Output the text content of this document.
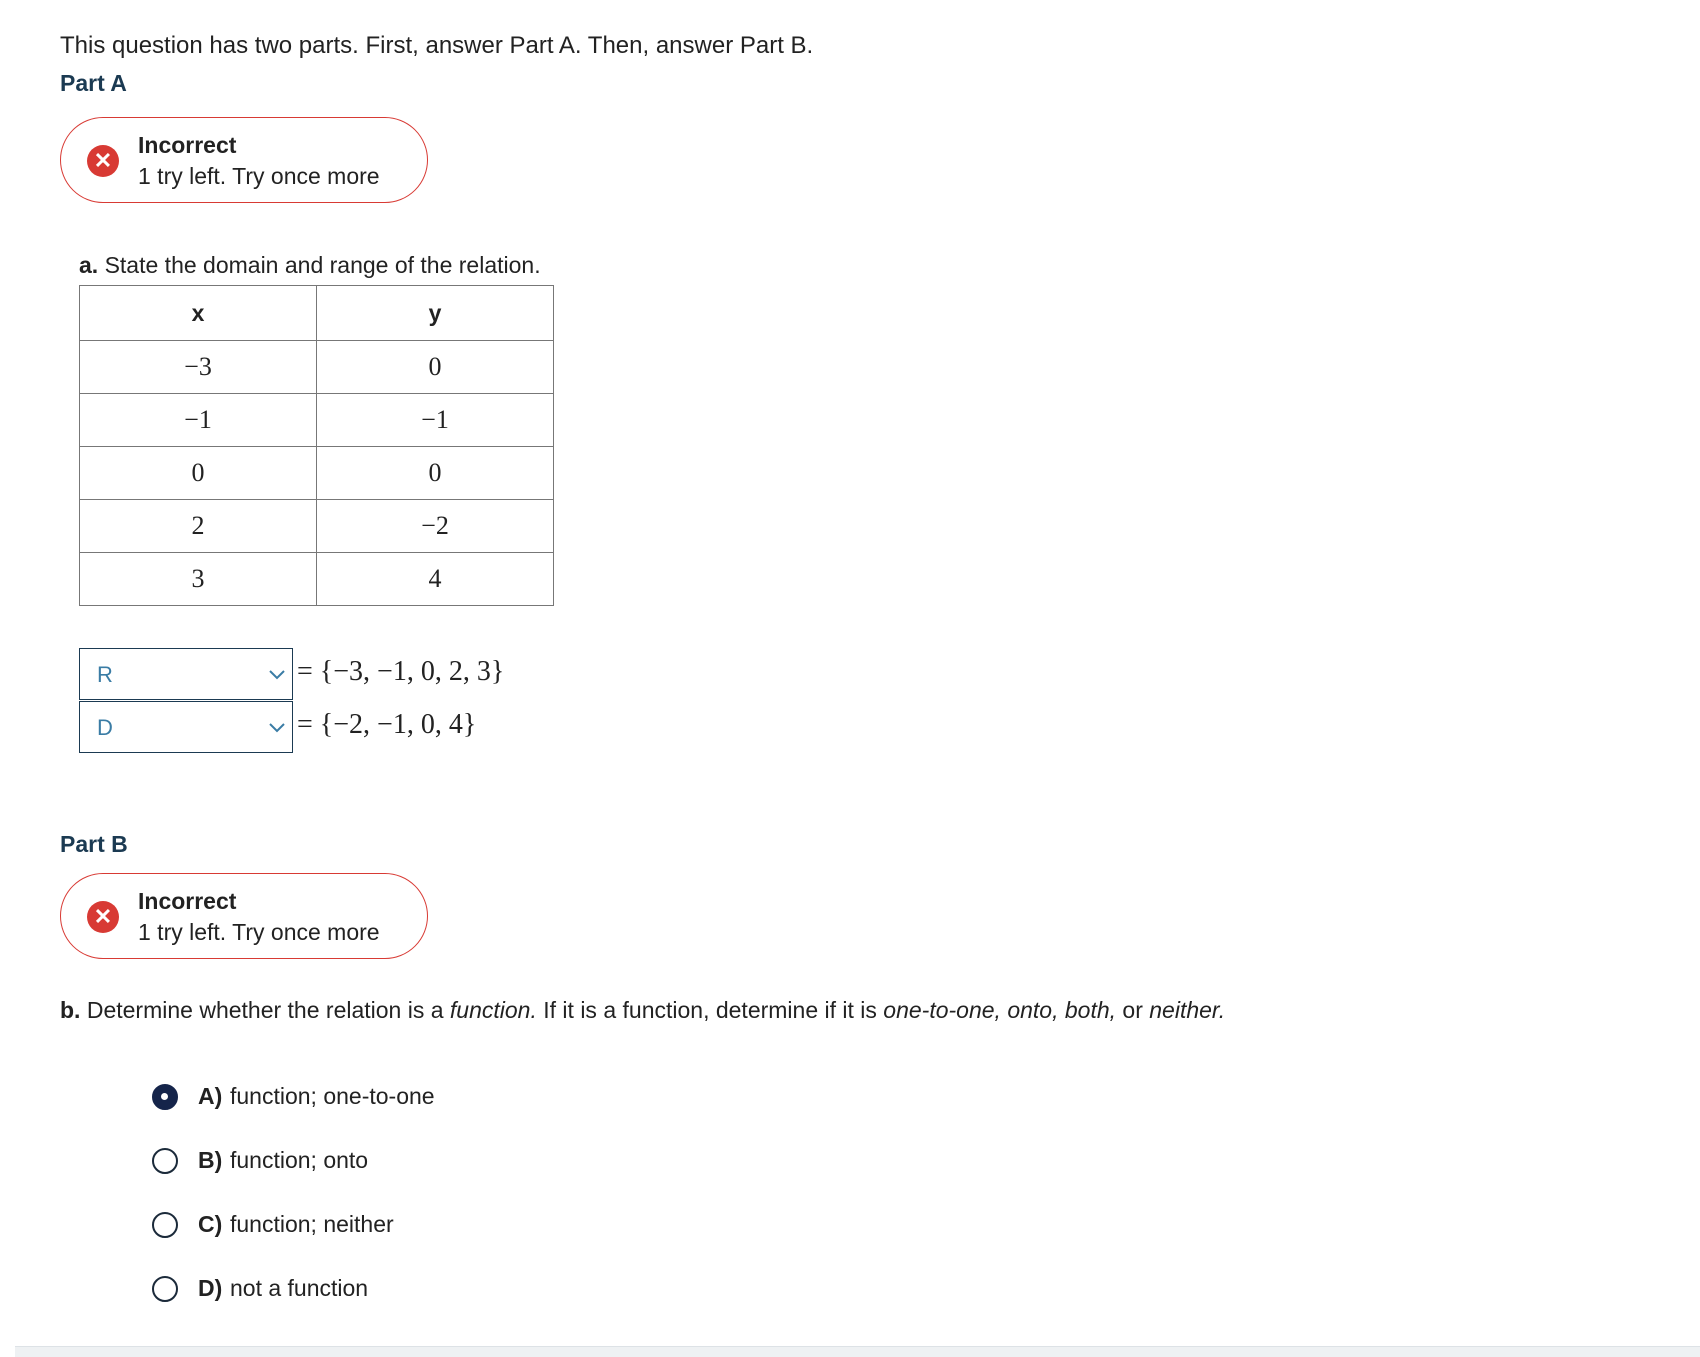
This question has two parts. First, answer Part A. Then, answer Part B.
Part A
✕
Incorrect
1 try left. Try once more
a. State the domain and range of the relation.
x	y
−3	0
−1	−1
0	0
2	−2
3	4
R	= {−3, −1, 0, 2, 3}
D	= {−2, −1, 0, 4}
Part B
✕
Incorrect
1 try left. Try once more
b. Determine whether the relation is a function. If it is a function, determine if it is one-to-one, onto, both, or neither.
A) function; one-to-one
B) function; onto
C) function; neither
D) not a function
